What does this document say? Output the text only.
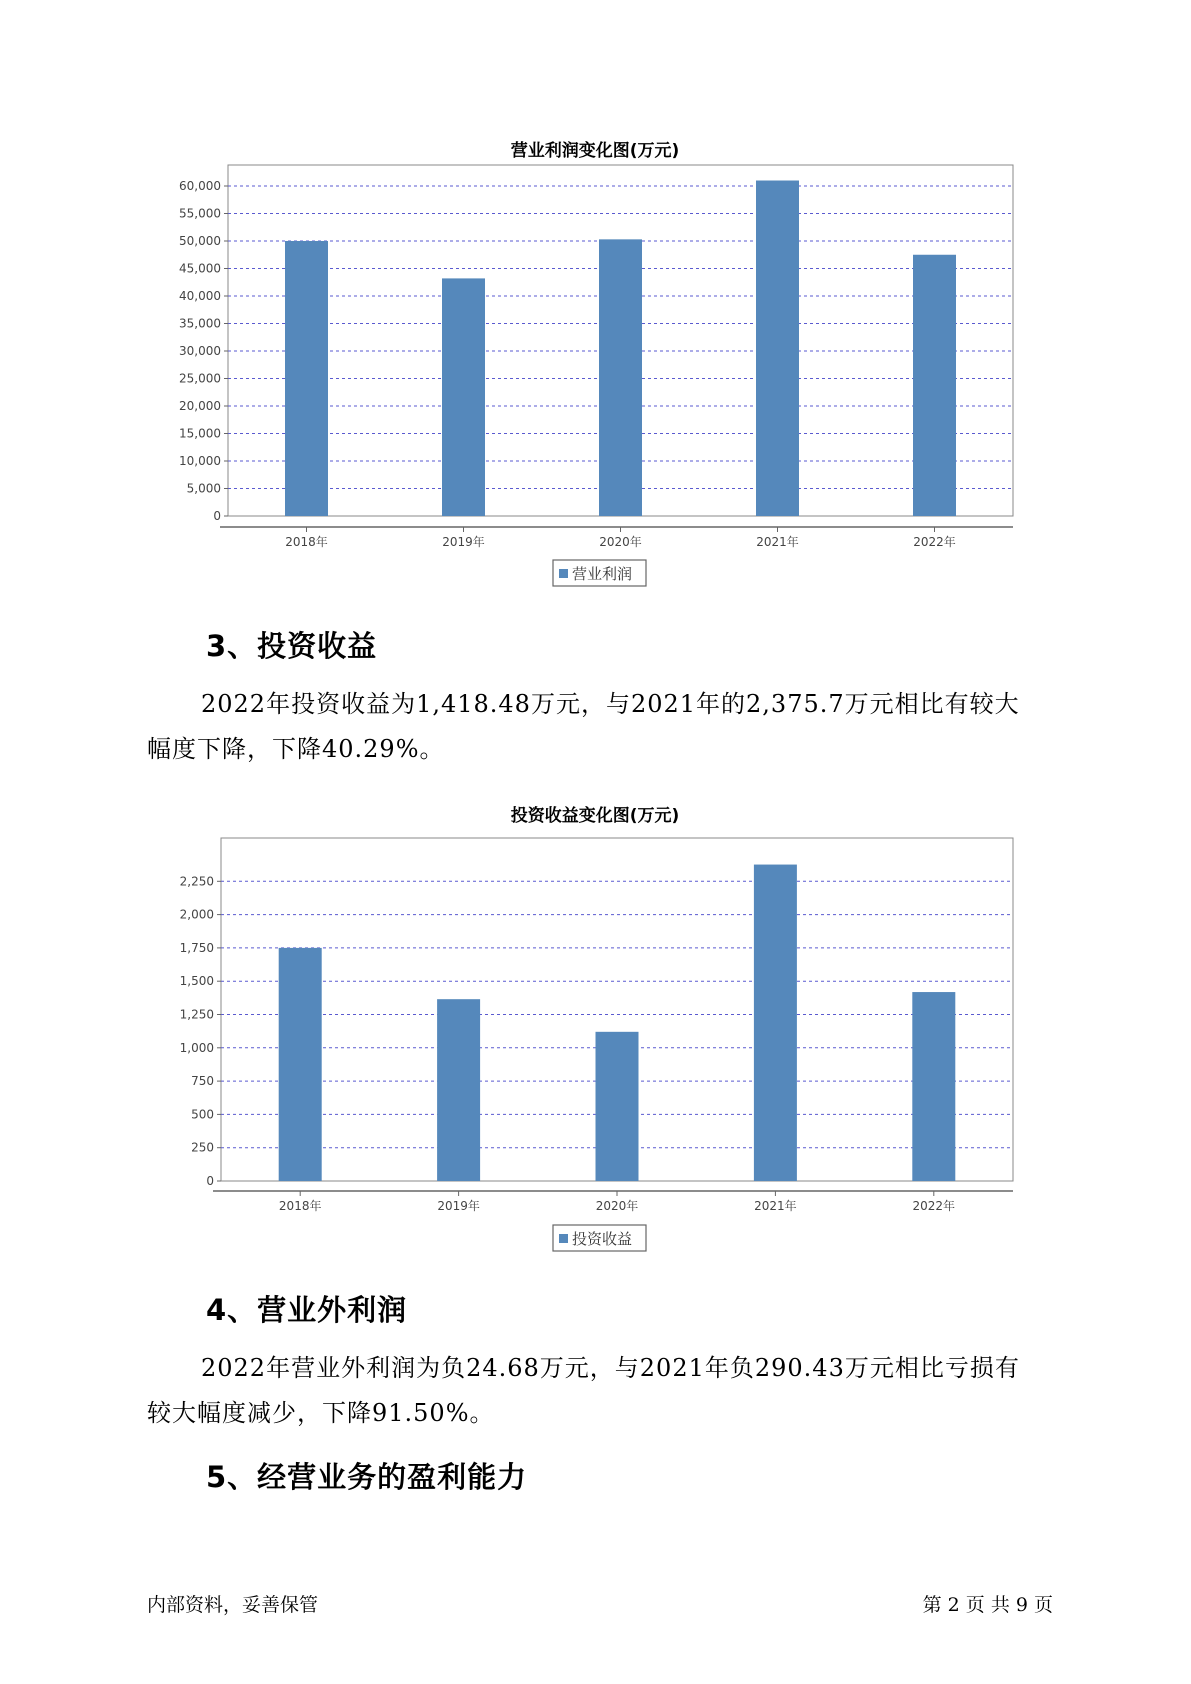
营业利润变化图(万元)
0
5,000
10,000
15,000
20,000
25,000
30,000
35,000
40,000
45,000
50,000
55,000
60,000
2018年	2019年	2020年	2021年	2022年
营业利润
3、投资收益
2022年投资收益为1,418.48万元，与2021年的2,375.7万元相比有较大
幅度下降，下降40.29%。
投资收益变化图(万元)
0
250
500
750
1,000
1,250
1,500
1,750
2,000
2,250
2018年	2019年	2020年	2021年	2022年
投资收益
4、营业外利润
2022年营业外利润为负24.68万元，与2021年负290.43万元相比亏损有
较大幅度减少，下降91.50%。
5、经营业务的盈利能力
内部资料，妥善保管	第 2 页 共 9 页
